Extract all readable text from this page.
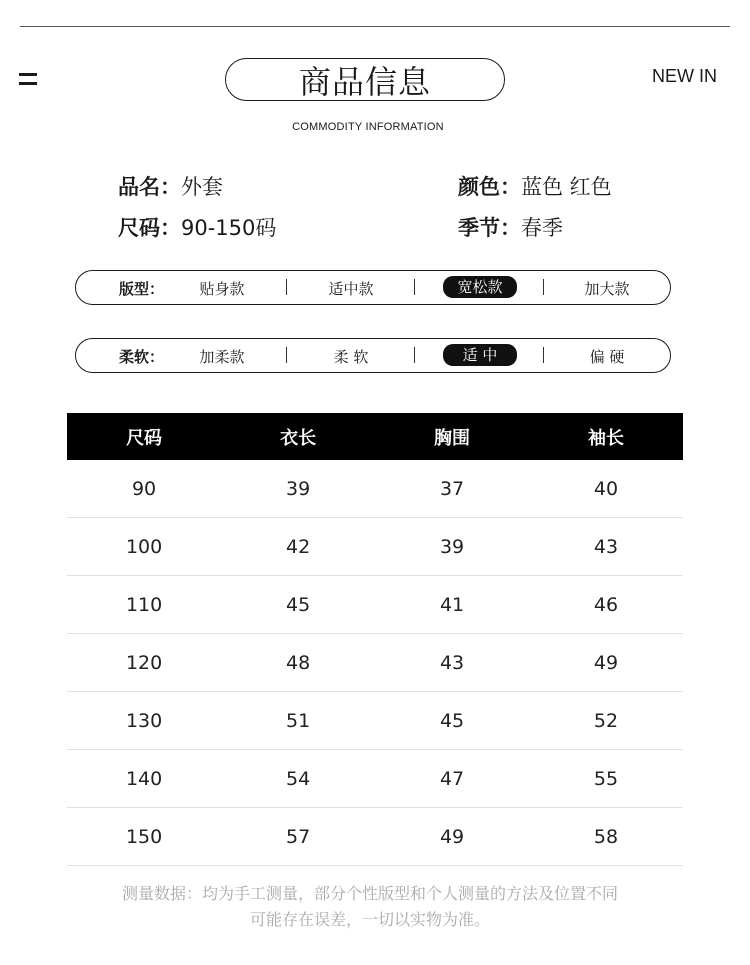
商品信息	NEW IN
COMMODITY INFORMATION
品名：外套
尺码：90-150码
颜色：蓝色 红色
季节：春季
版型：	贴身款	适中款	宽松款	加大款
柔软：	加柔款	柔 软	适 中	偏 硬
尺码	衣长	胸围	袖长
90	39	37	40
100	42	39	43
110	45	41	46
120	48	43	49
130	51	45	52
140	54	47	55
150	57	49	58
测量数据：均为手工测量，部分个性版型和个人测量的方法及位置不同
可能存在误差，一切以实物为准。
